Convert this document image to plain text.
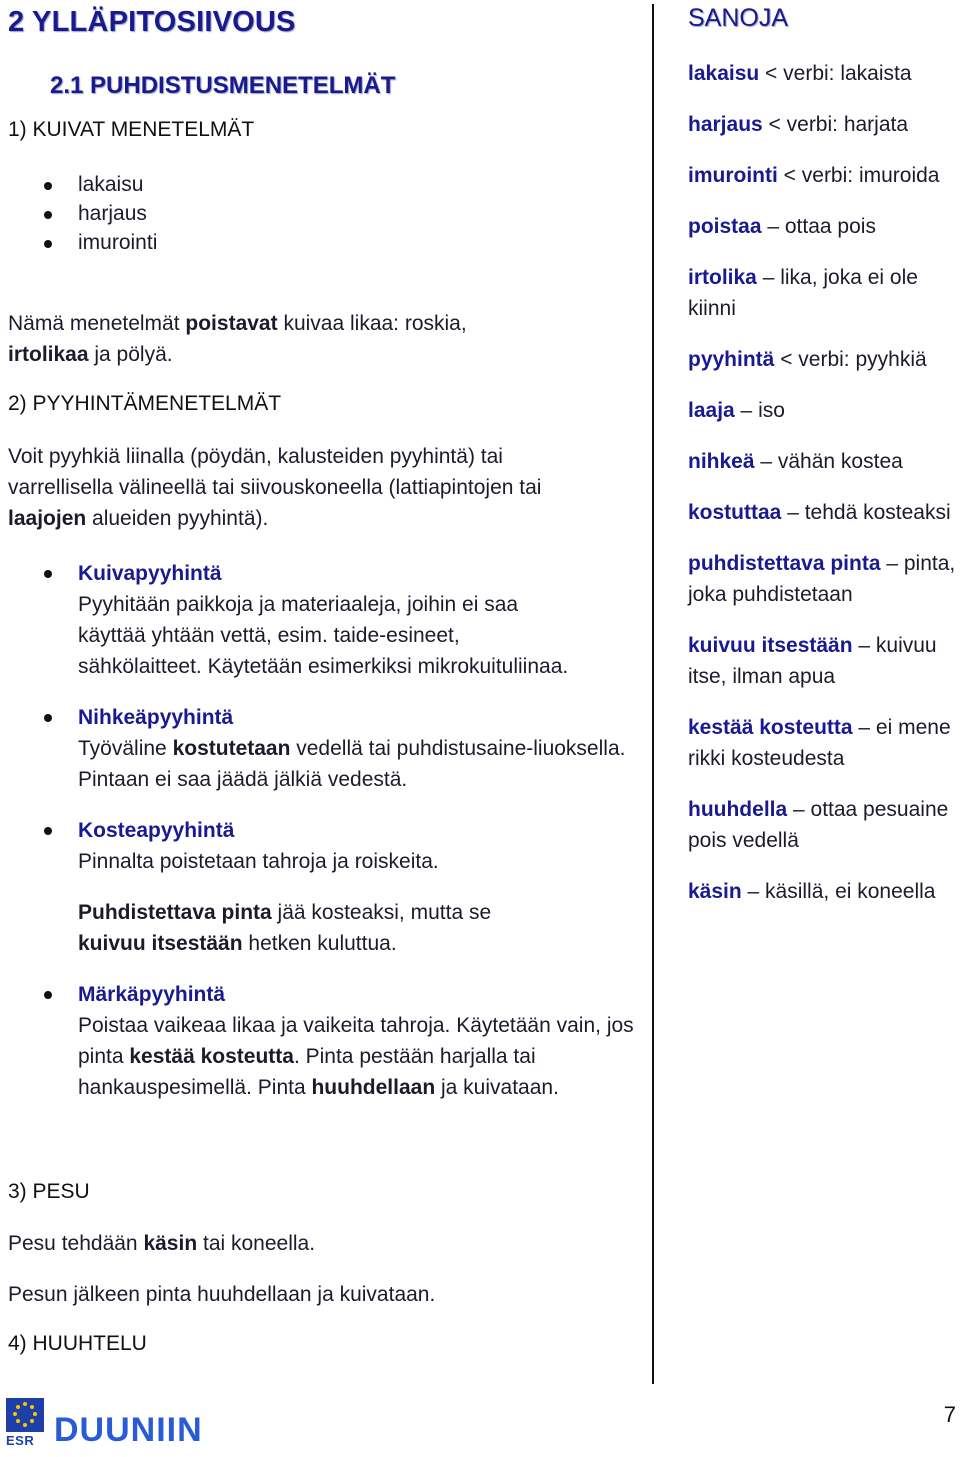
2 YLLÄPITOSIIVOUS
2.1 PUHDISTUSMENETELMÄT
1) KUIVAT MENETELMÄT
lakaisu
harjaus
imurointi
Nämä menetelmät poistavat kuivaa likaa: roskia,
irtolikaa ja pölyä.
2) PYYHINTÄMENETELMÄT
Voit pyyhkiä liinalla (pöydän, kalusteiden pyyhintä) tai
varrellisella välineellä tai siivouskoneella (lattiapintojen tai
laajojen alueiden pyyhintä).
Kuivapyyhintä
Pyyhitään paikkoja ja materiaaleja, joihin ei saa käyttää yhtään vettä, esim. taide-esineet, sähkölaitteet. Käytetään esimerkiksi mikrokuituliinaa.
Nihkeäpyyhintä
Työväline kostutetaan vedellä tai puhdistusaine-liuoksella. Pintaan ei saa jäädä jälkiä vedestä.
Kosteapyyhintä
Pinnalta poistetaan tahroja ja roiskeita.
Puhdistettava pinta jää kosteaksi, mutta se
kuivuu itsestään hetken kuluttua.
Märkäpyyhintä
Poistaa vaikeaa likaa ja vaikeita tahroja. Käytetään vain, jos pinta kestää kosteutta. Pinta pestään harjalla tai hankauspesimellä. Pinta huuhdellaan ja kuivataan.
3) PESU
Pesu tehdään käsin tai koneella.
Pesun jälkeen pinta huuhdellaan ja kuivataan.
4) HUUHTELU
SANOJA
lakaisu < verbi: lakaista
harjaus < verbi: harjata
imurointi < verbi: imuroida
poistaa – ottaa pois
irtolika – lika, joka ei ole kiinni
pyyhintä < verbi: pyyhkiä
laaja – iso
nihkeä – vähän kostea
kostuttaa – tehdä kosteaksi
puhdistettava pinta – pinta, joka puhdistetaan
kuivuu itsestään – kuivuu itse, ilman apua
kestää kosteutta – ei mene rikki kosteudesta
huuhdella – ottaa pesuaine pois vedellä
käsin – käsillä, ei koneella
ESR DUUNIIN	7
